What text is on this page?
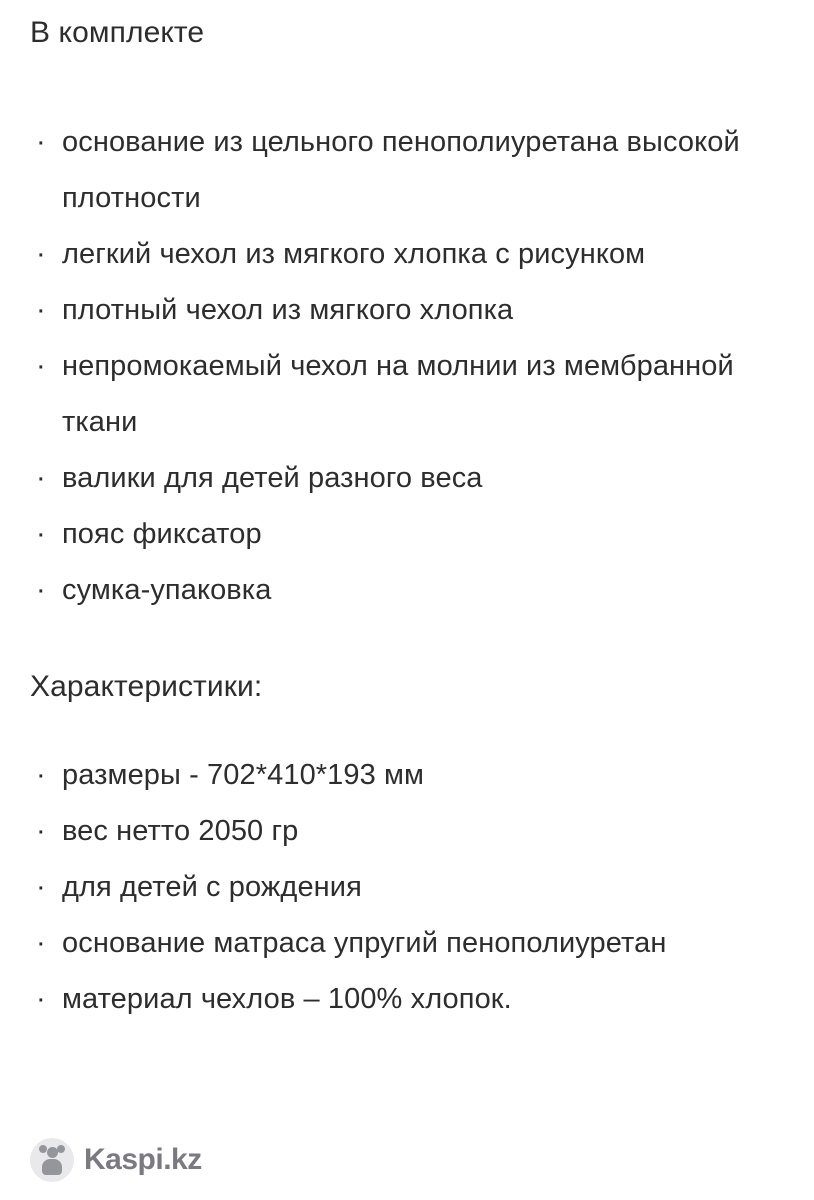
В комплекте
· основание из цельного пенополиуретана высокой плотности
· легкий чехол из мягкого хлопка с рисунком
· плотный чехол из мягкого хлопка
· непромокаемый чехол на молнии из мембранной ткани
· валики для детей разного веса
· пояс фиксатор
· сумка-упаковка
Характеристики:
· размеры - 702*410*193 мм
· вес нетто 2050 гр
· для детей с рождения
· основание матраса упругий пенополиуретан
· материал чехлов – 100% хлопок.
Kaspi.kz
